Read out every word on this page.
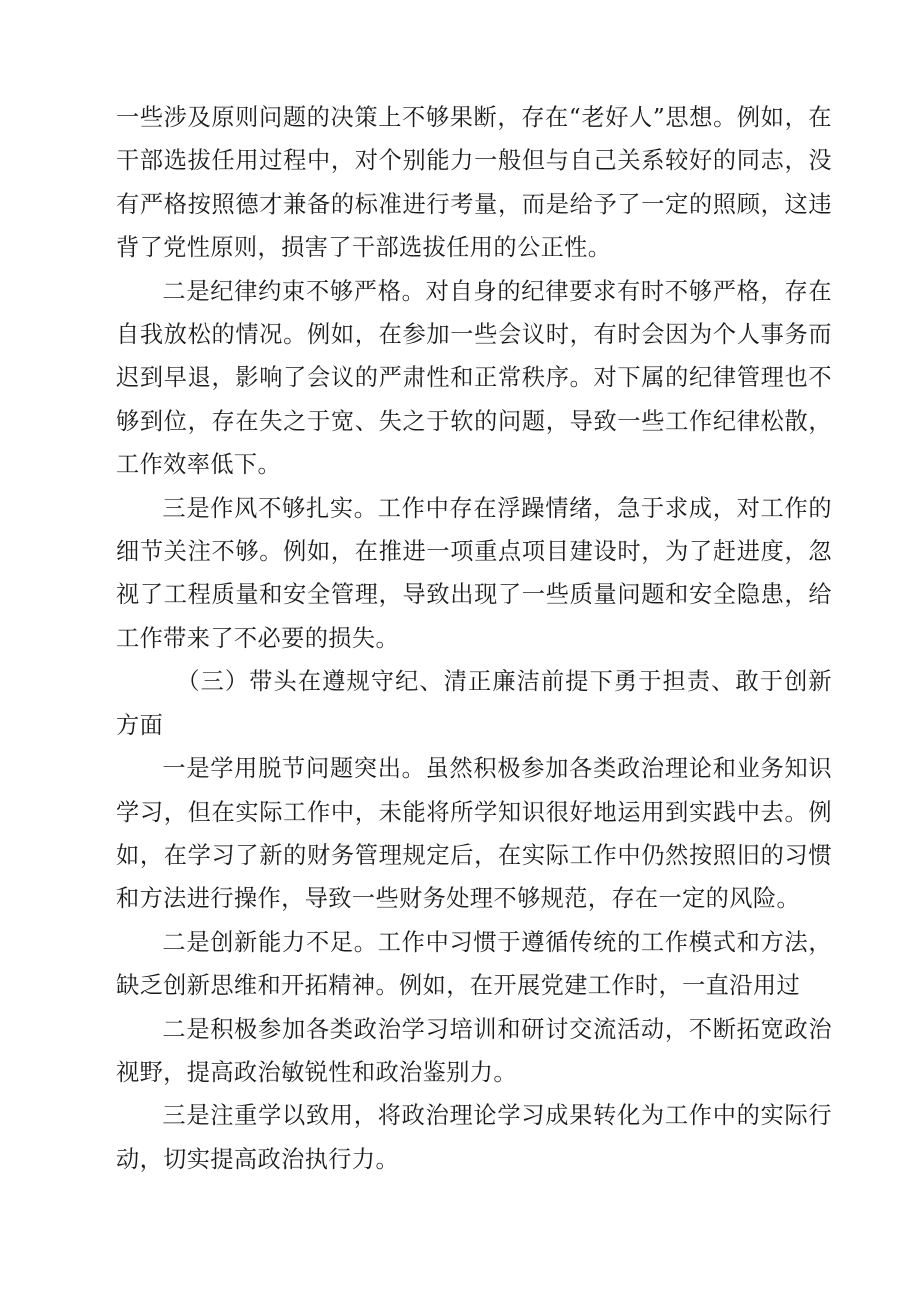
一些涉及原则问题的决策上不够果断，存在“老好人”思想。例如，在干部选拔任用过程中，对个别能力一般但与自己关系较好的同志，没有严格按照德才兼备的标准进行考量，而是给予了一定的照顾，这违背了党性原则，损害了干部选拔任用的公正性。

二是纪律约束不够严格。对自身的纪律要求有时不够严格，存在自我放松的情况。例如，在参加一些会议时，有时会因为个人事务而迟到早退，影响了会议的严肃性和正常秩序。对下属的纪律管理也不够到位，存在失之于宽、失之于软的问题，导致一些工作纪律松散，工作效率低下。

三是作风不够扎实。工作中存在浮躁情绪，急于求成，对工作的细节关注不够。例如，在推进一项重点项目建设时，为了赶进度，忽视了工程质量和安全管理，导致出现了一些质量问题和安全隐患，给工作带来了不必要的损失。

（三）带头在遵规守纪、清正廉洁前提下勇于担责、敢于创新方面

一是学用脱节问题突出。虽然积极参加各类政治理论和业务知识学习，但在实际工作中，未能将所学知识很好地运用到实践中去。例如，在学习了新的财务管理规定后，在实际工作中仍然按照旧的习惯和方法进行操作，导致一些财务处理不够规范，存在一定的风险。

二是创新能力不足。工作中习惯于遵循传统的工作模式和方法，缺乏创新思维和开拓精神。例如，在开展党建工作时，一直沿用过

二是积极参加各类政治学习培训和研讨交流活动，不断拓宽政治视野，提高政治敏锐性和政治鉴别力。

三是注重学以致用，将政治理论学习成果转化为工作中的实际行动，切实提高政治执行力。
